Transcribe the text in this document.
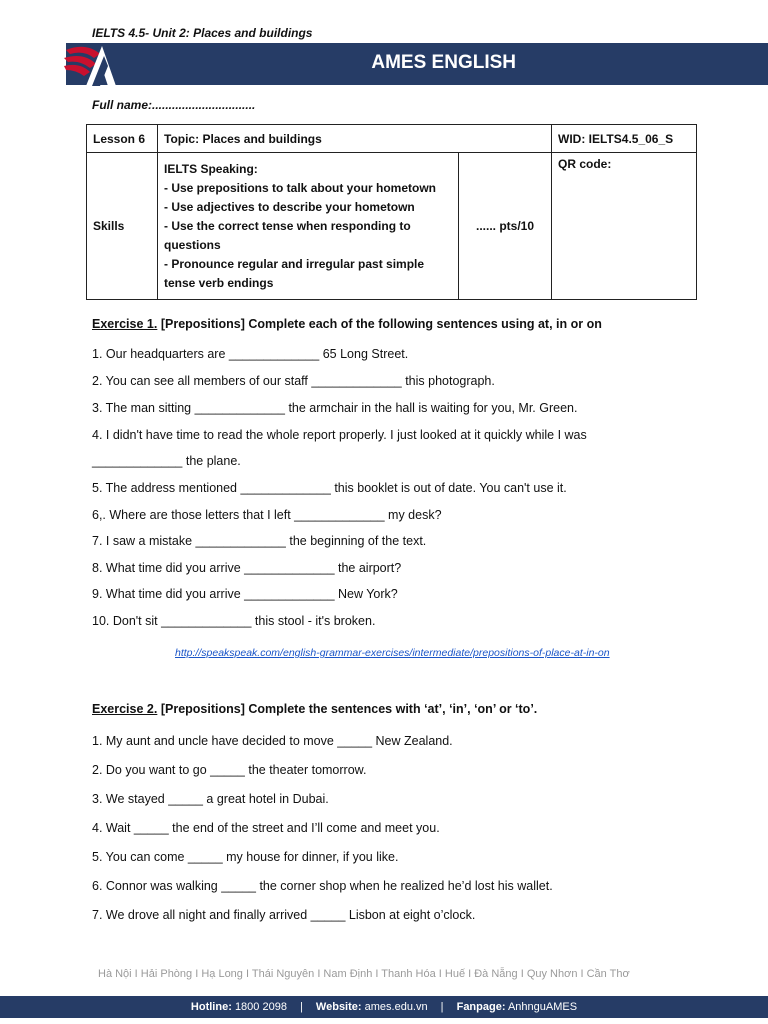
IELTS 4.5- Unit 2: Places and buildings
AMES ENGLISH
Full name:...............................
Lesson 6	Topic: Places and buildings		WID: IELTS4.5_06_S
Skills	IELTS Speaking:
- Use prepositions to talk about your hometown
- Use adjectives to describe your hometown
- Use the correct tense when responding to questions
- Pronounce regular and irregular past simple tense verb endings	...... pts/10	QR code:
Exercise 1. [Prepositions] Complete each of the following sentences using at, in or on
1. Our headquarters are _____________ 65 Long Street.
2. You can see all members of our staff _____________ this photograph.
3. The man sitting _____________ the armchair in the hall is waiting for you, Mr. Green.
4. I didn't have time to read the whole report properly. I just looked at it quickly while I was
_____________ the plane.
5. The address mentioned _____________ this booklet is out of date. You can't use it.
6,. Where are those letters that I left _____________ my desk?
7. I saw a mistake _____________ the beginning of the text.
8. What time did you arrive _____________ the airport?
9. What time did you arrive _____________ New York?
10. Don't sit _____________ this stool - it's broken.
http://speakspeak.com/english-grammar-exercises/intermediate/prepositions-of-place-at-in-on
Exercise 2. [Prepositions] Complete the sentences with ‘at’, ‘in’, ‘on’ or ‘to’.
1. My aunt and uncle have decided to move _____ New Zealand.
2. Do you want to go _____ the theater tomorrow.
3. We stayed _____ a great hotel in Dubai.
4. Wait _____ the end of the street and I’ll come and meet you.
5. You can come _____ my house for dinner, if you like.
6. Connor was walking _____ the corner shop when he realized he’d lost his wallet.
7. We drove all night and finally arrived _____ Lisbon at eight o’clock.
Hà Nội I Hải Phòng I Hạ Long I Thái Nguyên I Nam Định I Thanh Hóa I Huế I Đà Nẵng I Quy Nhơn I Cần Thơ
Hotline: 1800 2098 | Website: ames.edu.vn | Fanpage: AnhnguAMES
